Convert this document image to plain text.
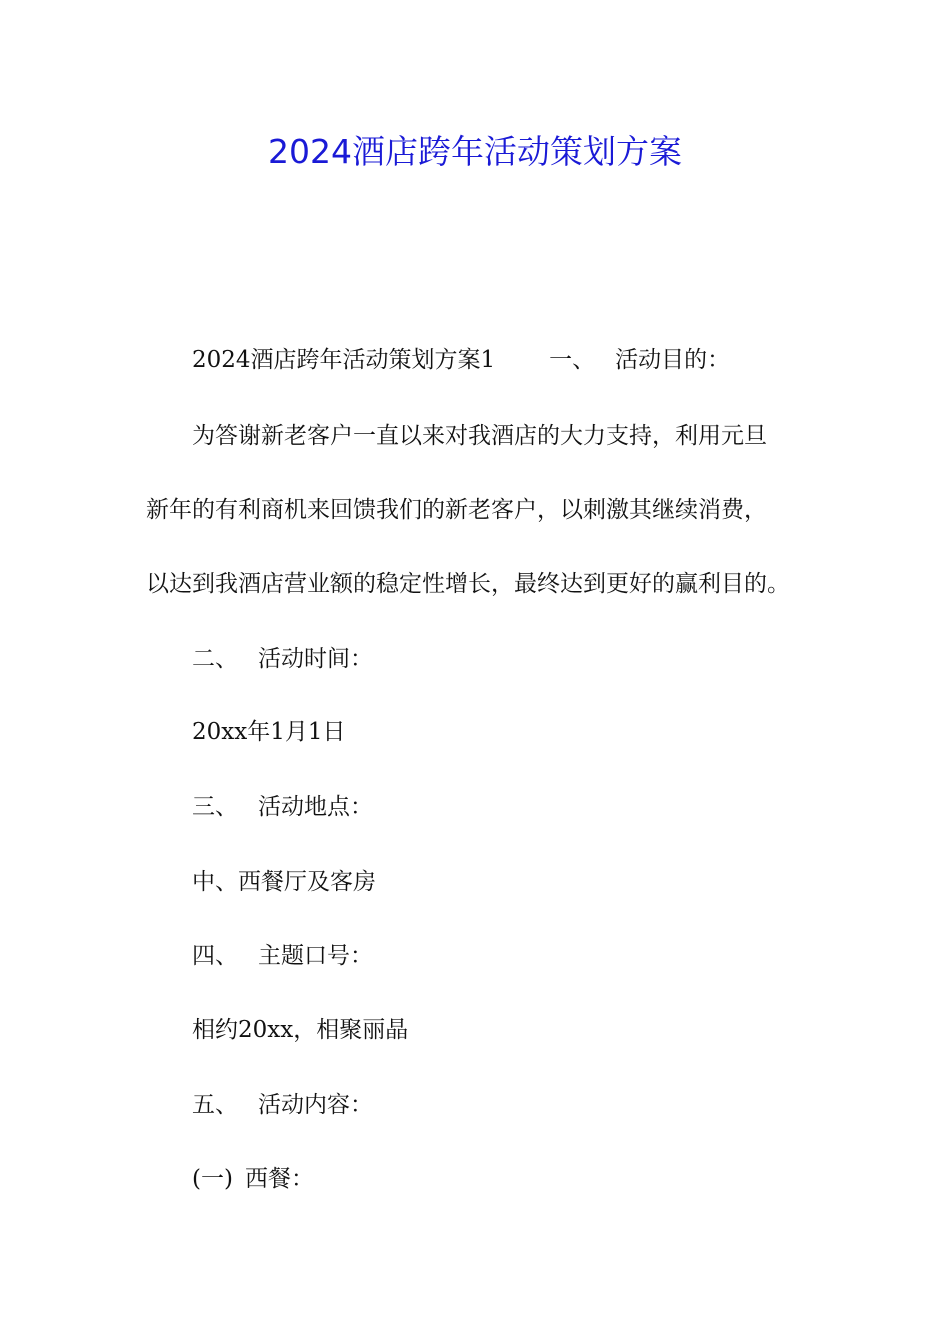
2024酒店跨年活动策划方案

2024酒店跨年活动策划方案1 一、 活动目的：

为答谢新老客户一直以来对我酒店的大力支持，利用元旦

新年的有利商机来回馈我们的新老客户，以刺激其继续消费，

以达到我酒店营业额的稳定性增长，最终达到更好的赢利目的。

二、 活动时间：

20xx年1月1日

三、 活动地点：

中、西餐厅及客房

四、 主题口号：

相约20xx，相聚丽晶

五、 活动内容：

(一) 西餐：
